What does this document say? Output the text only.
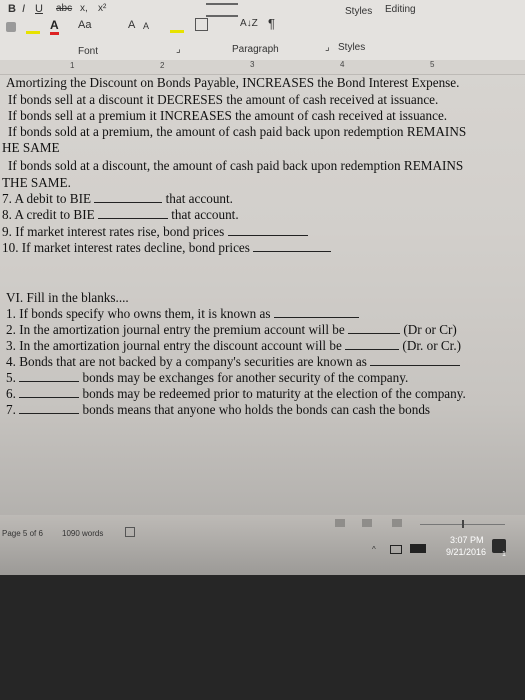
B I U abc x, x²
A Aa	A A	A↓Z ¶
Styles Editing
Font	⌟	Paragraph	⌟ Styles
1	2	3	4	5
Amortizing the Discount on Bonds Payable, INCREASES the Bond Interest Expense.
If bonds sell at a discount it DECRESES the amount of cash received at issuance.
If bonds sell at a premium it INCREASES the amount of cash received at issuance.
If bonds sold at a premium, the amount of cash paid back upon redemption REMAINS
HE SAME
If bonds sold at a discount, the amount of cash paid back upon redemption REMAINS
THE SAME.
7. A debit to BIE	that account.
8. A credit to BIE	that account.
9. If market interest rates rise, bond prices
10. If market interest rates decline, bond prices
VI. Fill in the blanks....
1. If bonds specify who owns them, it is known as
2. In the amortization journal entry the premium account will be	(Dr or Cr)
3. In the amortization journal entry the discount account will be	(Dr. or Cr.)
4. Bonds that are not backed by a company's securities are known as
5.	bonds may be exchanges for another security of the company.
6.	bonds may be redeemed prior to maturity at the election of the company.
7.	bonds means that anyone who holds the bonds can cash the bonds
Page 5 of 6 1090 words
^
3:07 PM
9/21/2016 1
